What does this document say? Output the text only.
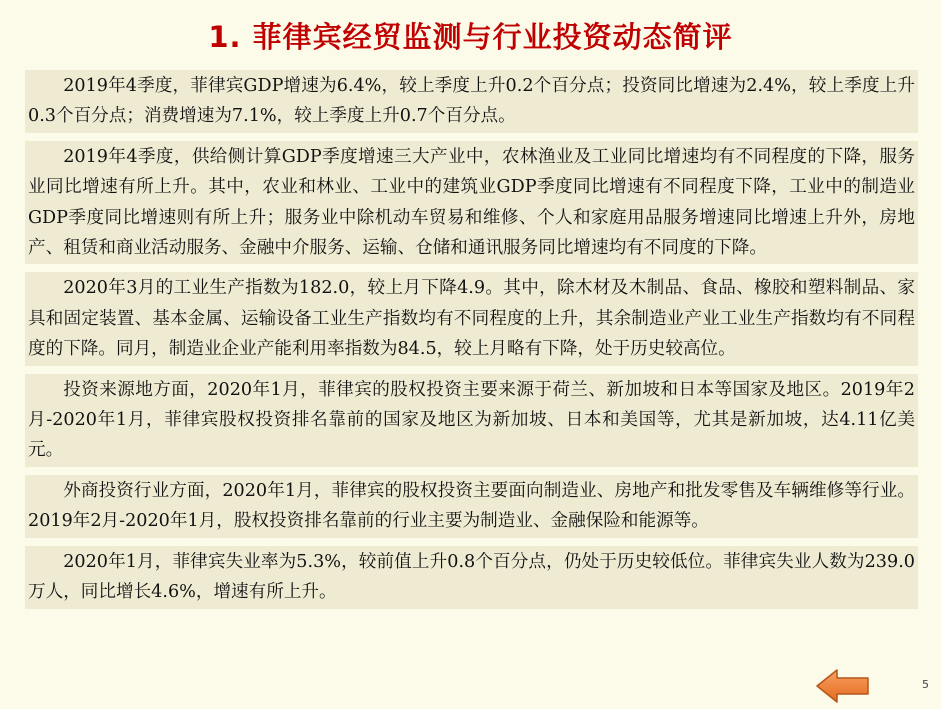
1. 菲律宾经贸监测与行业投资动态简评

2019年4季度，菲律宾GDP增速为6.4%，较上季度上升0.2个百分点；投资同比增速为2.4%，较上季度上升0.3个百分点；消费增速为7.1%，较上季度上升0.7个百分点。

2019年4季度，供给侧计算GDP季度增速三大产业中，农林渔业及工业同比增速均有不同程度的下降，服务业同比增速有所上升。其中，农业和林业、工业中的建筑业GDP季度同比增速有不同程度下降，工业中的制造业GDP季度同比增速则有所上升；服务业中除机动车贸易和维修、个人和家庭用品服务增速同比增速上升外，房地产、租赁和商业活动服务、金融中介服务、运输、仓储和通讯服务同比增速均有不同度的下降。

2020年3月的工业生产指数为182.0，较上月下降4.9。其中，除木材及木制品、食品、橡胶和塑料制品、家具和固定装置、基本金属、运输设备工业生产指数均有不同程度的上升，其余制造业产业工业生产指数均有不同程度的下降。同月，制造业企业产能利用率指数为84.5，较上月略有下降，处于历史较高位。

投资来源地方面，2020年1月，菲律宾的股权投资主要来源于荷兰、新加坡和日本等国家及地区。2019年2月-2020年1月，菲律宾股权投资排名靠前的国家及地区为新加坡、日本和美国等，尤其是新加坡，达4.11亿美元。

外商投资行业方面，2020年1月，菲律宾的股权投资主要面向制造业、房地产和批发零售及车辆维修等行业。2019年2月-2020年1月，股权投资排名靠前的行业主要为制造业、金融保险和能源等。

2020年1月，菲律宾失业率为5.3%，较前值上升0.8个百分点，仍处于历史较低位。菲律宾失业人数为239.0万人，同比增长4.6%，增速有所上升。

5
